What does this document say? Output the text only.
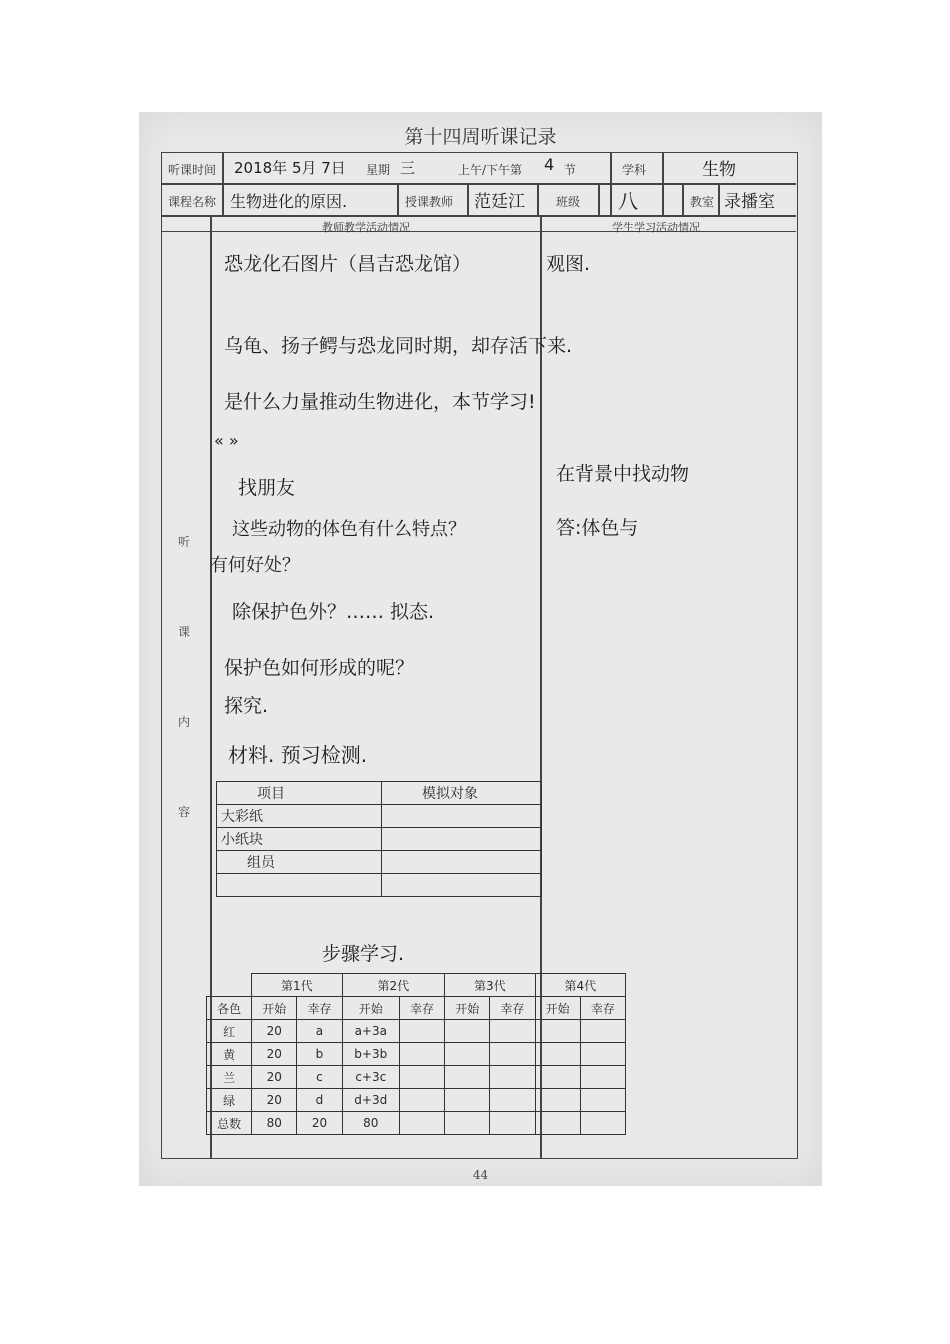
第十四周听课记录
听课时间 2018年 5月 7日 星期 三	上午/下午第 4 节	学科	生物
课程名称 生物进化的原因.	授课教师 范廷江	班级 八	教室 录播室
教师教学活动情况	学生学习活动情况
听
课
内
容
恐龙化石图片（昌吉恐龙馆）
乌龟、扬子鳄与恐龙同时期，却存活下来.
是什么力量推动生物进化，本节学习!
« »
找朋友
这些动物的体色有什么特点？
有何好处？
除保护色外？…… 拟态.
保护色如何形成的呢？
探究.
材料. 预习检测.
观图.
在背景中找动物
答:体色与
项目	模拟对象
大彩纸	
小纸块	
组员	

步骤学习.
	第1代		第2代		第3代		第4代	
各色	开始	幸存	开始	幸存	开始	幸存	开始	幸存
红	20	a	a+3a					
黄	20	b	b+3b					
兰	20	c	c+3c					
绿	20	d	d+3d					
总数	80	20	80					
44
